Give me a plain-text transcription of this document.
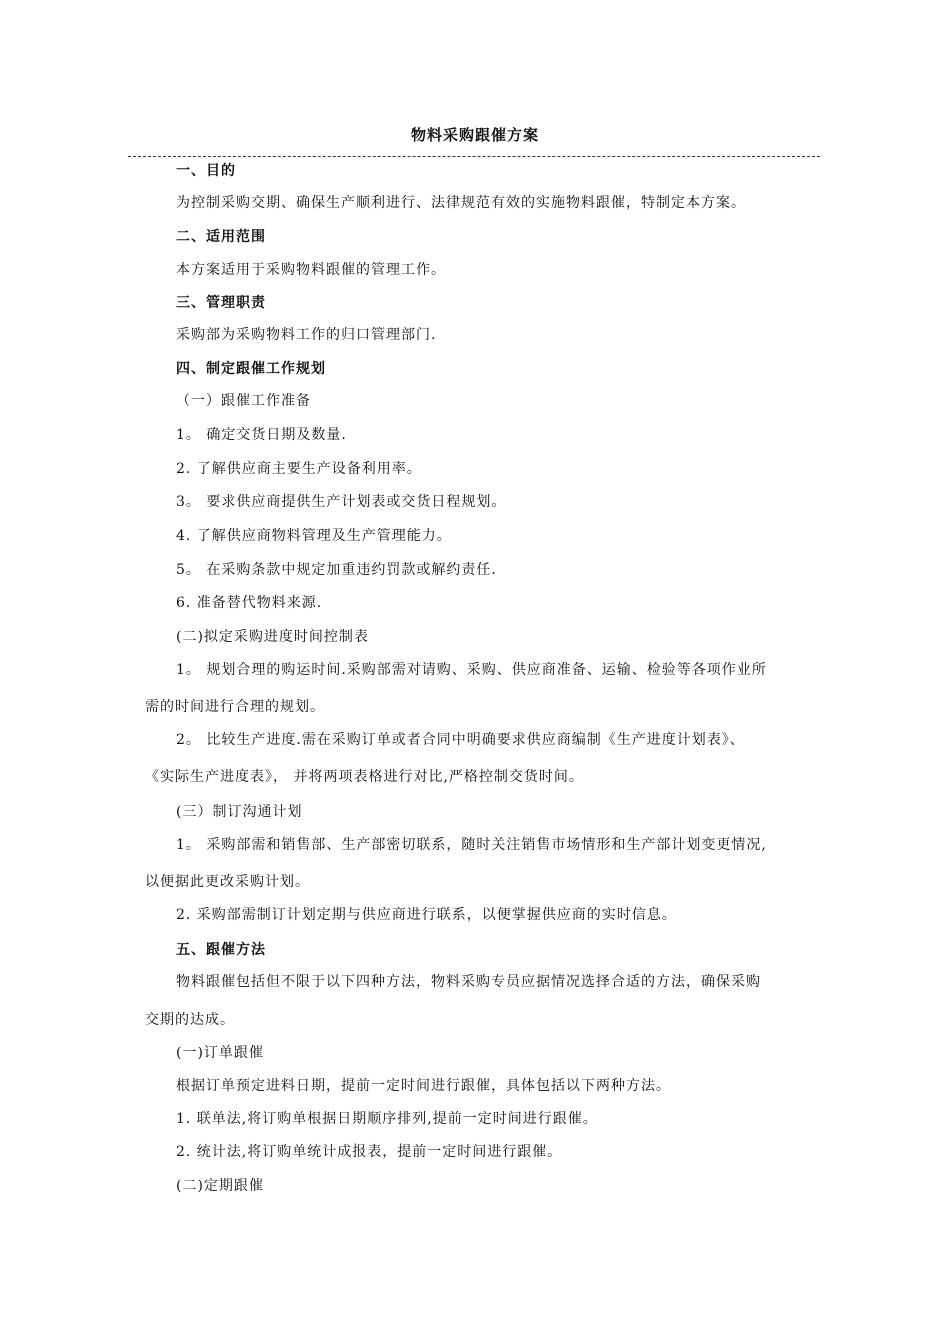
物料采购跟催方案
一、目的
为控制采购交期、确保生产顺利进行、法律规范有效的实施物料跟催，特制定本方案。
二、适用范围
本方案适用于采购物料跟催的管理工作。
三、管理职责
采购部为采购物料工作的归口管理部门.
四、制定跟催工作规划
（一）跟催工作准备
1。 确定交货日期及数量.
2. 了解供应商主要生产设备利用率。
3。 要求供应商提供生产计划表或交货日程规划。
4. 了解供应商物料管理及生产管理能力。
5。 在采购条款中规定加重违约罚款或解约责任.
6. 准备替代物料来源.
(二)拟定采购进度时间控制表
1。 规划合理的购运时间.采购部需对请购、采购、供应商准备、运输、检验等各项作业所
需的时间进行合理的规划。
2。 比较生产进度.需在采购订单或者合同中明确要求供应商编制《生产进度计划表》、
《实际生产进度表》， 并将两项表格进行对比,严格控制交货时间。
(三）制订沟通计划
1。 采购部需和销售部、生产部密切联系，随时关注销售市场情形和生产部计划变更情况,
以便据此更改采购计划。
2. 采购部需制订计划定期与供应商进行联系，以便掌握供应商的实时信息。
五、跟催方法
物料跟催包括但不限于以下四种方法，物料采购专员应据情况选择合适的方法，确保采购
交期的达成。
(一)订单跟催
根据订单预定进料日期，提前一定时间进行跟催，具体包括以下两种方法。
1. 联单法,将订购单根据日期顺序排列,提前一定时间进行跟催。
2. 统计法,将订购单统计成报表，提前一定时间进行跟催。
(二)定期跟催
